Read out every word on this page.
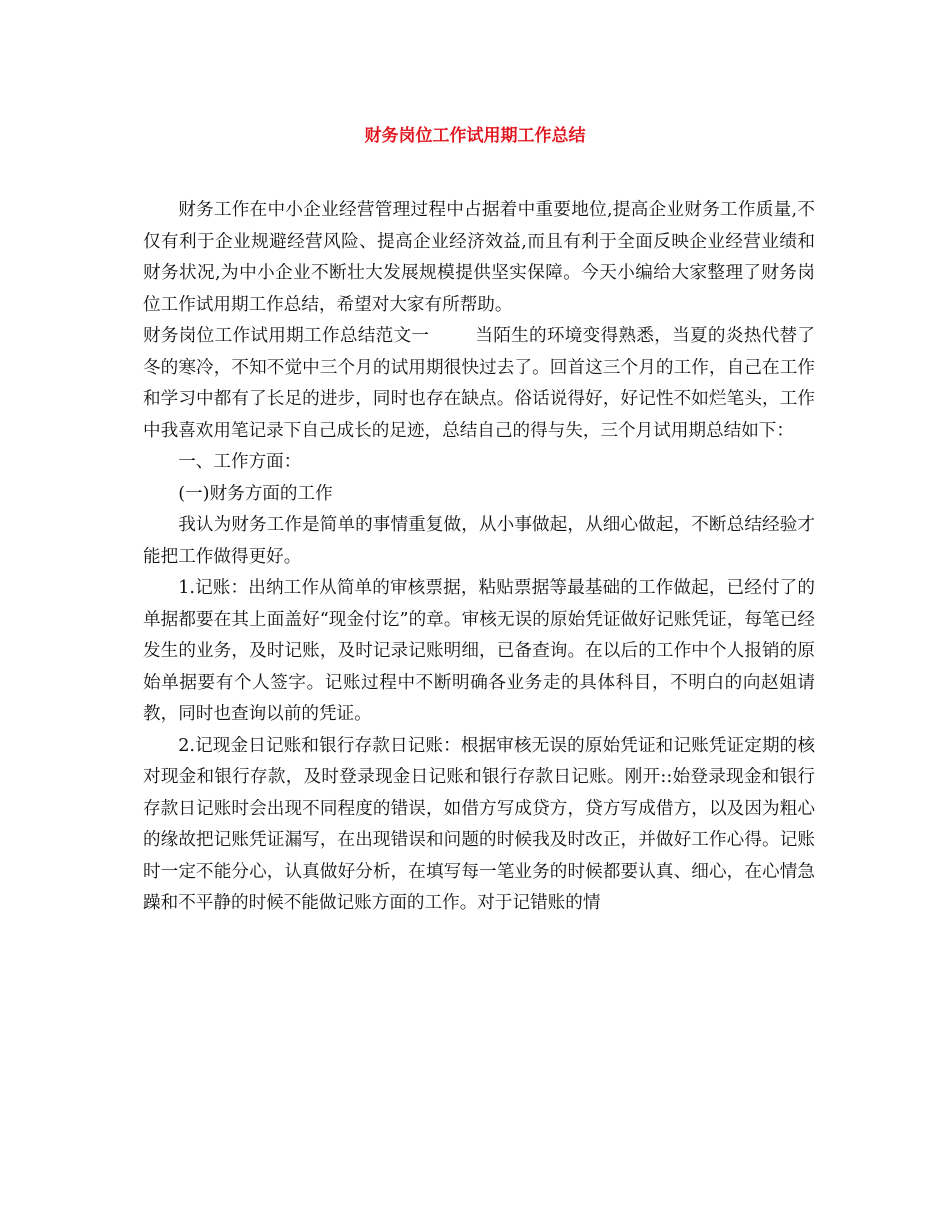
财务岗位工作试用期工作总结

财务工作在中小企业经营管理过程中占据着中重要地位,提高企业财务工作质量,不仅有利于企业规避经营风险、提高企业经济效益,而且有利于全面反映企业经营业绩和财务状况,为中小企业不断壮大发展规模提供坚实保障。今天小编给大家整理了财务岗位工作试用期工作总结，希望对大家有所帮助。

财务岗位工作试用期工作总结范文一	当陌生的环境变得熟悉，当夏的炎热代替了冬的寒冷，不知不觉中三个月的试用期很快过去了。回首这三个月的工作，自己在工作和学习中都有了长足的进步，同时也存在缺点。俗话说得好，好记性不如烂笔头，工作中我喜欢用笔记录下自己成长的足迹，总结自己的得与失，三个月试用期总结如下：

一、工作方面：

(一)财务方面的工作

我认为财务工作是简单的事情重复做，从小事做起，从细心做起，不断总结经验才能把工作做得更好。

1.记账：出纳工作从简单的审核票据，粘贴票据等最基础的工作做起，已经付了的单据都要在其上面盖好“现金付讫”的章。审核无误的原始凭证做好记账凭证，每笔已经发生的业务，及时记账，及时记录记账明细，已备查询。在以后的工作中个人报销的原始单据要有个人签字。记账过程中不断明确各业务走的具体科目，不明白的向赵姐请教，同时也查询以前的凭证。

2.记现金日记账和银行存款日记账：根据审核无误的原始凭证和记账凭证定期的核对现金和银行存款，及时登录现金日记账和银行存款日记账。刚开::始登录现金和银行存款日记账时会出现不同程度的错误，如借方写成贷方，贷方写成借方，以及因为粗心的缘故把记账凭证漏写，在出现错误和问题的时候我及时改正，并做好工作心得。记账时一定不能分心，认真做好分析，在填写每一笔业务的时候都要认真、细心，在心情急躁和不平静的时候不能做记账方面的工作。对于记错账的情
